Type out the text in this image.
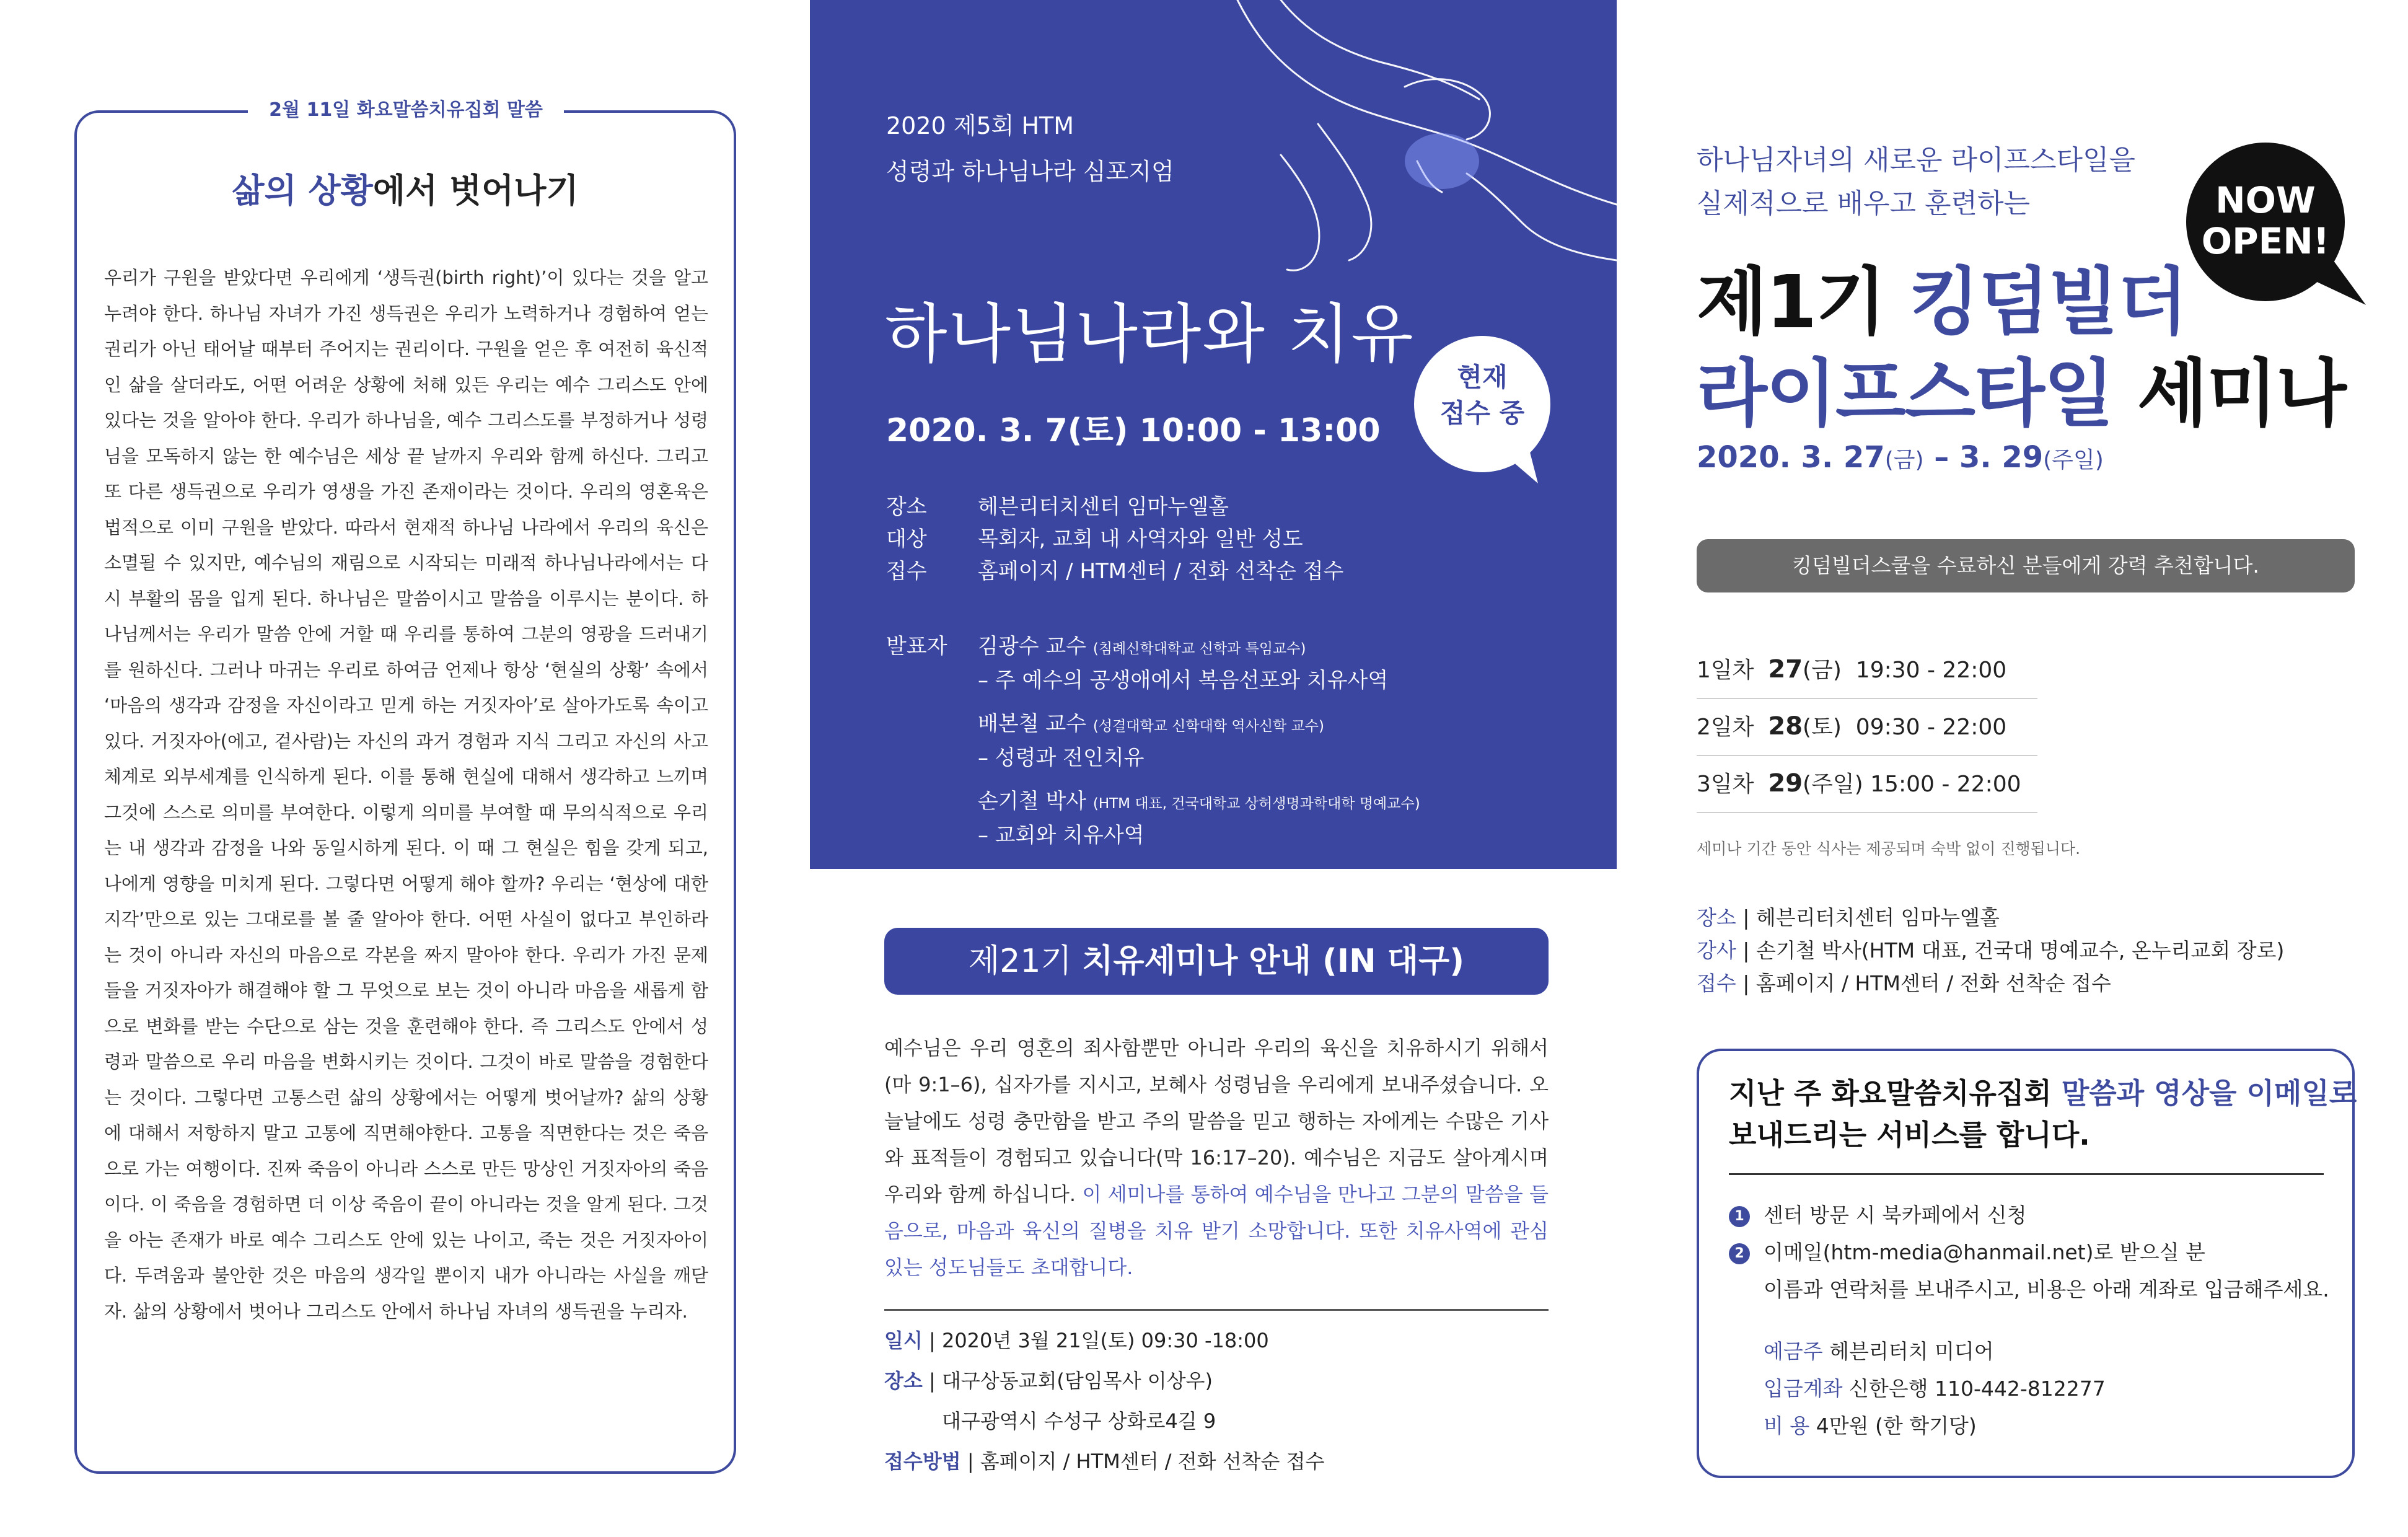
2월 11일 화요말씀치유집회 말씀
삶의 상황에서 벗어나기

우리가 구원을 받았다면 우리에게 ‘생득권(birth right)’이 있다는 것을 알고 누려야 한다. 하나님 자녀가 가진 생득권은 우리가 노력하거나 경험하여 얻는 권리가 아닌 태어날 때부터 주어지는 권리이다. 구원을 얻은 후 여전히 육신적인 삶을 살더라도, 어떤 어려운 상황에 처해 있든 우리는 예수 그리스도 안에 있다는 것을 알아야 한다. 우리가 하나님을, 예수 그리스도를 부정하거나 성령님을 모독하지 않는 한 예수님은 세상 끝 날까지 우리와 함께 하신다. 그리고 또 다른 생득권으로 우리가 영생을 가진 존재이라는 것이다. 우리의 영혼육은 법적으로 이미 구원을 받았다. 따라서 현재적 하나님 나라에서 우리의 육신은 소멸될 수 있지만, 예수님의 재림으로 시작되는 미래적 하나님나라에서는 다시 부활의 몸을 입게 된다. 하나님은 말씀이시고 말씀을 이루시는 분이다. 하나님께서는 우리가 말씀 안에 거할 때 우리를 통하여 그분의 영광을 드러내기를 원하신다. 그러나 마귀는 우리로 하여금 언제나 항상 ‘현실의 상황’ 속에서 ‘마음의 생각과 감정을 자신이라고 믿게 하는 거짓자아’로 살아가도록 속이고 있다. 거짓자아(에고, 겉사람)는 자신의 과거 경험과 지식 그리고 자신의 사고체계로 외부세계를 인식하게 된다. 이를 통해 현실에 대해서 생각하고 느끼며 그것에 스스로 의미를 부여한다. 이렇게 의미를 부여할 때 무의식적으로 우리는 내 생각과 감정을 나와 동일시하게 된다. 이 때 그 현실은 힘을 갖게 되고, 나에게 영향을 미치게 된다. 그렇다면 어떻게 해야 할까? 우리는 ‘현상에 대한 지각’만으로 있는 그대로를 볼 줄 알아야 한다. 어떤 사실이 없다고 부인하라는 것이 아니라 자신의 마음으로 각본을 짜지 말아야 한다. 우리가 가진 문제들을 거짓자아가 해결해야 할 그 무엇으로 보는 것이 아니라 마음을 새롭게 함으로 변화를 받는 수단으로 삼는 것을 훈련해야 한다. 즉 그리스도 안에서 성령과 말씀으로 우리 마음을 변화시키는 것이다. 그것이 바로 말씀을 경험한다는 것이다. 그렇다면 고통스런 삶의 상황에서는 어떻게 벗어날까? 삶의 상황에 대해서 저항하지 말고 고통에 직면해야한다. 고통을 직면한다는 것은 죽음으로 가는 여행이다. 진짜 죽음이 아니라 스스로 만든 망상인 거짓자아의 죽음이다. 이 죽음을 경험하면 더 이상 죽음이 끝이 아니라는 것을 알게 된다. 그것을 아는 존재가 바로 예수 그리스도 안에 있는 나이고, 죽는 것은 거짓자아이다. 두려움과 불안한 것은 마음의 생각일 뿐이지 내가 아니라는 사실을 깨닫자. 삶의 상황에서 벗어나 그리스도 안에서 하나님 자녀의 생득권을 누리자.

2020 제5회 HTM
성령과 하나님나라 심포지엄
하나님나라와 치유
2020. 3. 7(토) 10:00 - 13:00
현재
접수 중
장소 헤븐리터치센터 임마누엘홀
대상 목회자, 교회 내 사역자와 일반 성도
접수 홈페이지 / HTM센터 / 전화 선착순 접수
발표자 김광수 교수 (침례신학대학교 신학과 특임교수)
– 주 예수의 공생애에서 복음선포와 치유사역
배본철 교수 (성결대학교 신학대학 역사신학 교수)
– 성령과 전인치유
손기철 박사 (HTM 대표, 건국대학교 상허생명과학대학 명예교수)
– 교회와 치유사역
제21기 치유세미나 안내 (IN 대구)
예수님은 우리 영혼의 죄사함뿐만 아니라 우리의 육신을 치유하시기 위해서(마 9:1–6), 십자가를 지시고, 보혜사 성령님을 우리에게 보내주셨습니다. 오늘날에도 성령 충만함을 받고 주의 말씀을 믿고 행하는 자에게는 수많은 기사와 표적들이 경험되고 있습니다(막 16:17–20). 예수님은 지금도 살아계시며 우리와 함께 하십니다. 이 세미나를 통하여 예수님을 만나고 그분의 말씀을 들음으로, 마음과 육신의 질병을 치유 받기 소망합니다. 또한 치유사역에 관심 있는 성도님들도 초대합니다.
일시 | 2020년 3월 21일(토) 09:30 -18:00
장소 | 대구상동교회(담임목사 이상우)
대구광역시 수성구 상화로4길 9
접수방법 | 홈페이지 / HTM센터 / 전화 선착순 접수
하나님자녀의 새로운 라이프스타일을
실제적으로 배우고 훈련하는
제1기 킹덤빌더
라이프스타일 세미나
NOW
OPEN!
2020. 3. 27(금) – 3. 29(주일)
킹덤빌더스쿨을 수료하신 분들에게 강력 추천합니다.
1일차 27(금) 19:30 - 22:00
2일차 28(토) 09:30 - 22:00
3일차 29(주일) 15:00 - 22:00
세미나 기간 동안 식사는 제공되며 숙박 없이 진행됩니다.
장소 | 헤븐리터치센터 임마누엘홀
강사 | 손기철 박사(HTM 대표, 건국대 명예교수, 온누리교회 장로)
접수 | 홈페이지 / HTM센터 / 전화 선착순 접수
지난 주 화요말씀치유집회 말씀과 영상을 이메일로
보내드리는 서비스를 합니다.
1 센터 방문 시 북카페에서 신청
2 이메일(htm-media@hanmail.net)로 받으실 분
이름과 연락처를 보내주시고, 비용은 아래 계좌로 입금해주세요.
예금주 헤븐리터치 미디어
입금계좌 신한은행 110-442-812277
비 용 4만원 (한 학기당)
